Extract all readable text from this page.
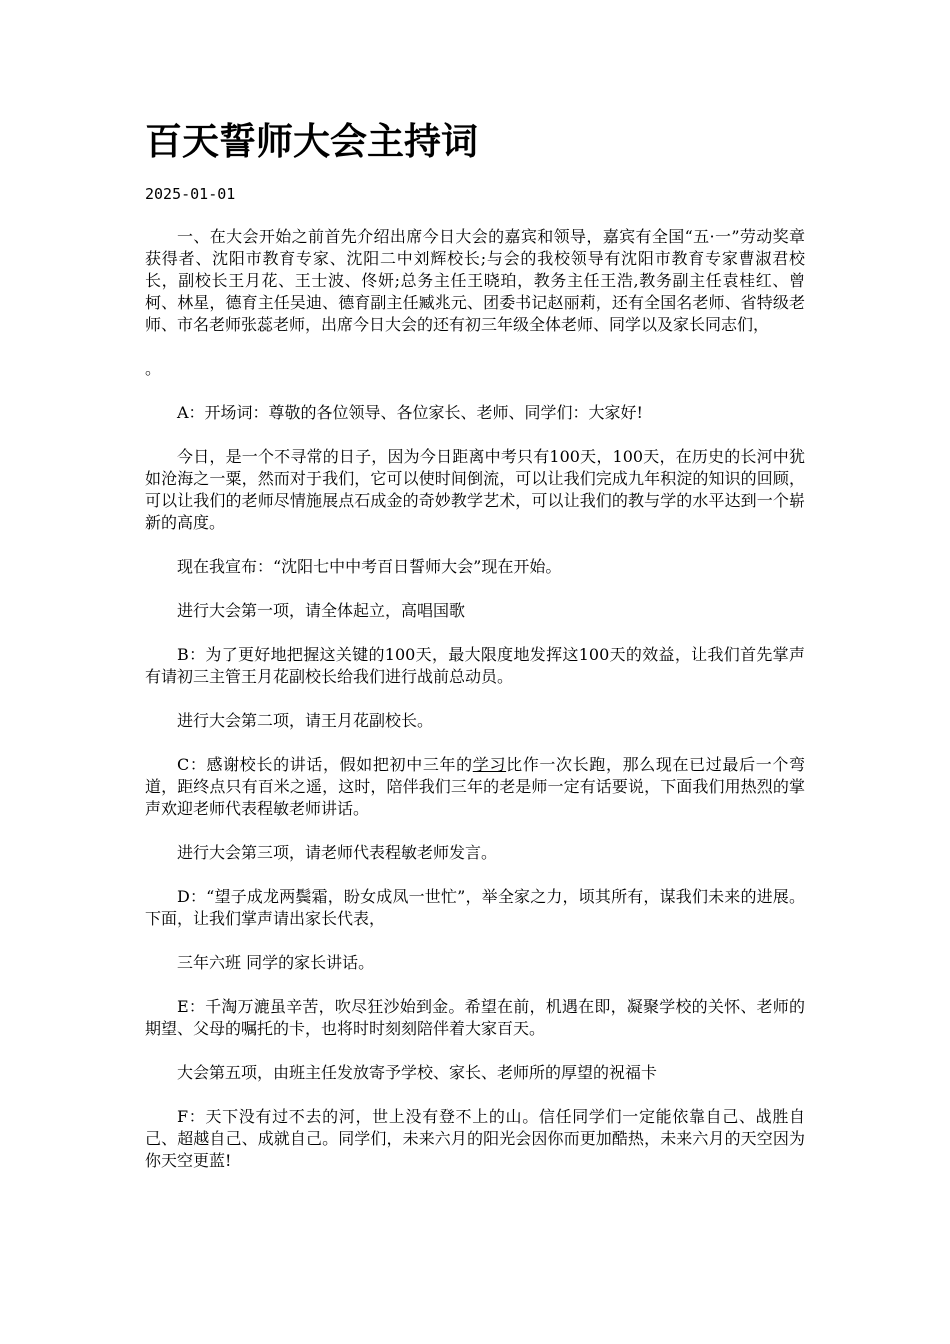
百天誓师大会主持词
2025-01-01

一、在大会开始之前首先介绍出席今日大会的嘉宾和领导，嘉宾有全国“五·一”劳动奖章获得者、沈阳市教育专家、沈阳二中刘辉校长;与会的我校领导有沈阳市教育专家曹淑君校长，副校长王月花、王士波、佟妍;总务主任王晓珀，教务主任王浩,教务副主任袁桂红、曾柯、林星，德育主任吴迪、德育副主任臧兆元、团委书记赵丽莉，还有全国名老师、省特级老师、市名老师张蕊老师，出席今日大会的还有初三年级全体老师、同学以及家长同志们，

。

A：开场词：尊敬的各位领导、各位家长、老师、同学们：大家好!

今日，是一个不寻常的日子，因为今日距离中考只有100天，100天，在历史的长河中犹如沧海之一粟，然而对于我们，它可以使时间倒流，可以让我们完成九年积淀的知识的回顾，可以让我们的老师尽情施展点石成金的奇妙教学艺术，可以让我们的教与学的水平达到一个崭新的高度。

现在我宣布：“沈阳七中中考百日誓师大会”现在开始。

进行大会第一项，请全体起立，高唱国歌

B：为了更好地把握这关键的100天，最大限度地发挥这100天的效益，让我们首先掌声有请初三主管王月花副校长给我们进行战前总动员。

进行大会第二项，请王月花副校长。

C：感谢校长的讲话，假如把初中三年的学习比作一次长跑，那么现在已过最后一个弯道，距终点只有百米之遥，这时，陪伴我们三年的老是师一定有话要说，下面我们用热烈的掌声欢迎老师代表程敏老师讲话。

进行大会第三项，请老师代表程敏老师发言。

D：“望子成龙两鬓霜，盼女成凤一世忙”，举全家之力，顷其所有，谋我们未来的进展。下面，让我们掌声请出家长代表，

三年六班 同学的家长讲话。

E：千淘万漉虽辛苦，吹尽狂沙始到金。希望在前，机遇在即，凝聚学校的关怀、老师的期望、父母的嘱托的卡，也将时时刻刻陪伴着大家百天。

大会第五项，由班主任发放寄予学校、家长、老师所的厚望的祝福卡

F：天下没有过不去的河，世上没有登不上的山。信任同学们一定能依靠自己、战胜自己、超越自己、成就自己。同学们，未来六月的阳光会因你而更加酷热，未来六月的天空因为你天空更蓝!
